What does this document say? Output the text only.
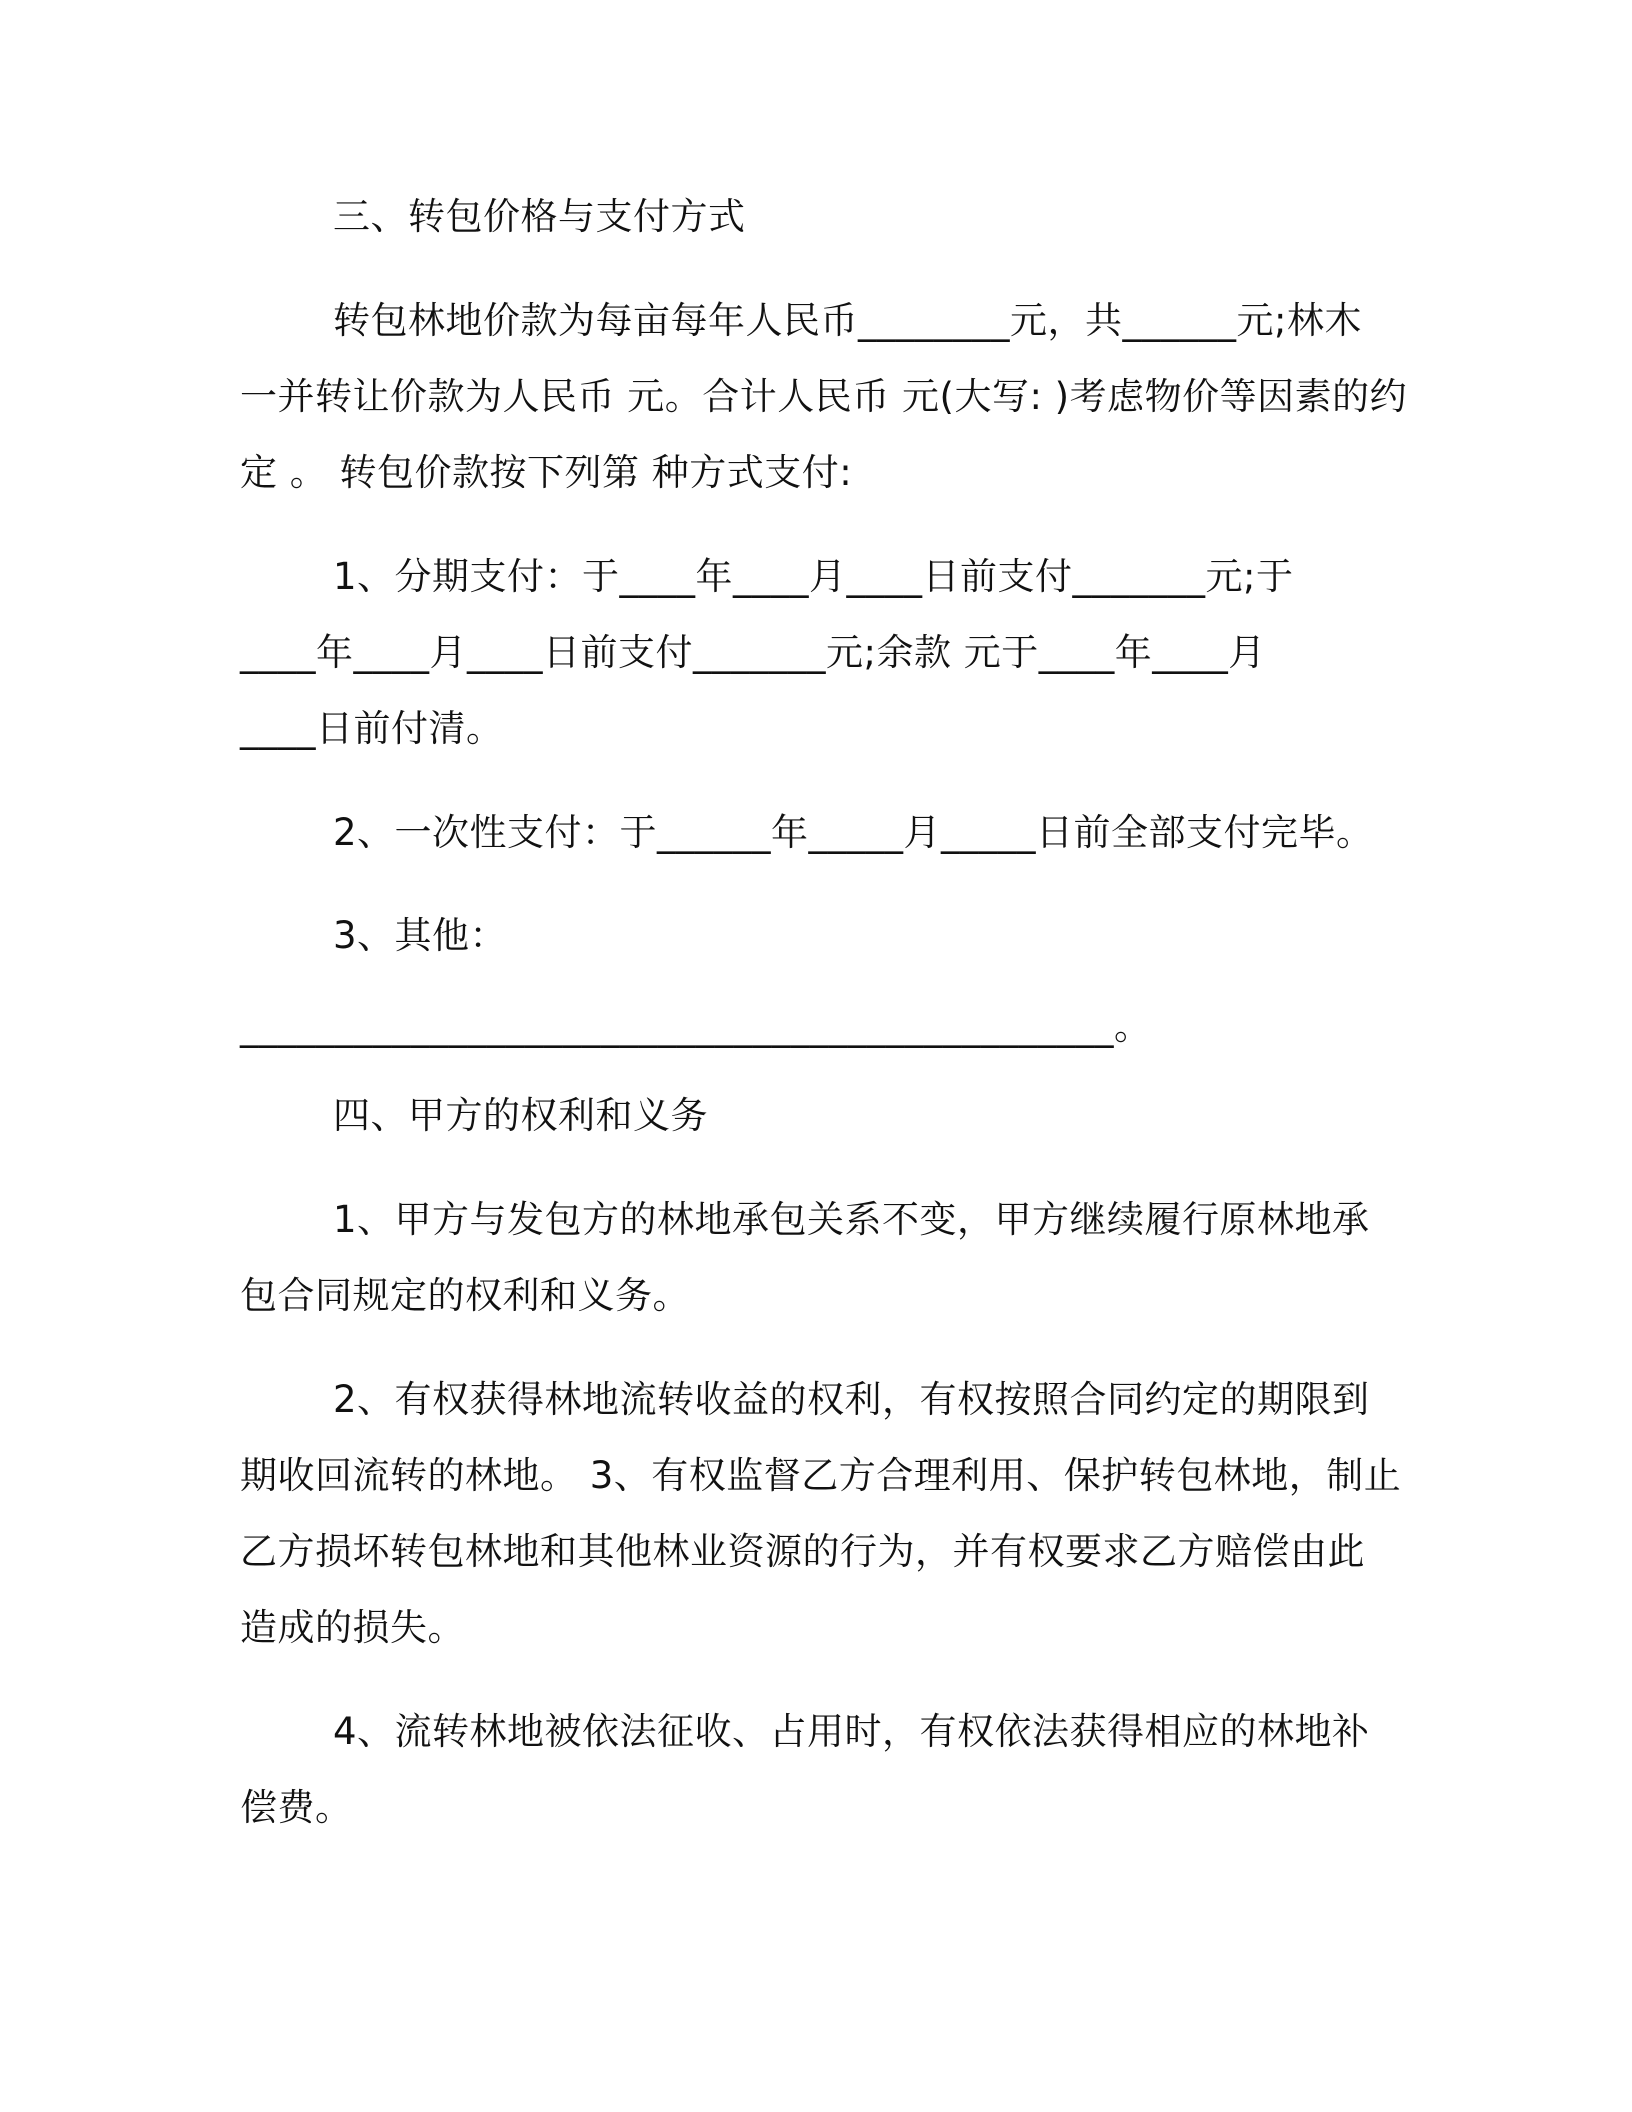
三、转包价格与支付方式
转包林地价款为每亩每年人民币________元，共______元;林木
一并转让价款为人民币 元。合计人民币 元(大写: )考虑物价等因素的约
定 。 转包价款按下列第 种方式支付:
1、分期支付：于____年____月____日前支付_______元;于
____年____月____日前支付_______元;余款 元于____年____月
____日前付清。
2、一次性支付：于______年_____月_____日前全部支付完毕。
3、其他：
______________________________________________。
四、甲方的权利和义务
1、甲方与发包方的林地承包关系不变，甲方继续履行原林地承
包合同规定的权利和义务。
2、有权获得林地流转收益的权利，有权按照合同约定的期限到
期收回流转的林地。 3、有权监督乙方合理利用、保护转包林地，制止
乙方损坏转包林地和其他林业资源的行为，并有权要求乙方赔偿由此
造成的损失。
4、流转林地被依法征收、占用时，有权依法获得相应的林地补
偿费。
